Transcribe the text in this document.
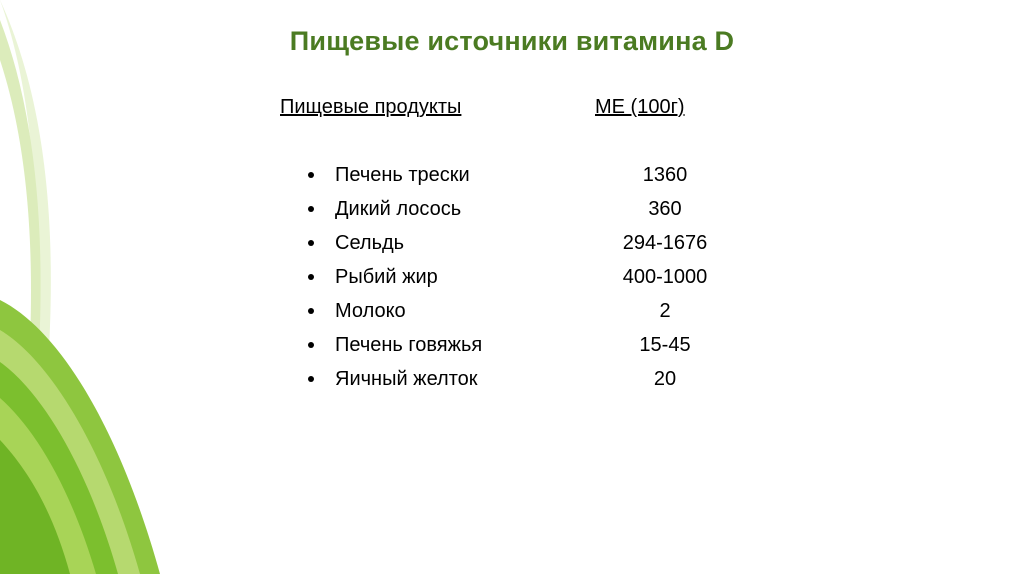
Пищевые источники витамина D
Пищевые продукты	МЕ (100г)
Печень трески	1360
Дикий лосось	360
Сельдь	294-1676
Рыбий жир	400-1000
Молоко	2
Печень говяжья	15-45
Яичный желток	20
